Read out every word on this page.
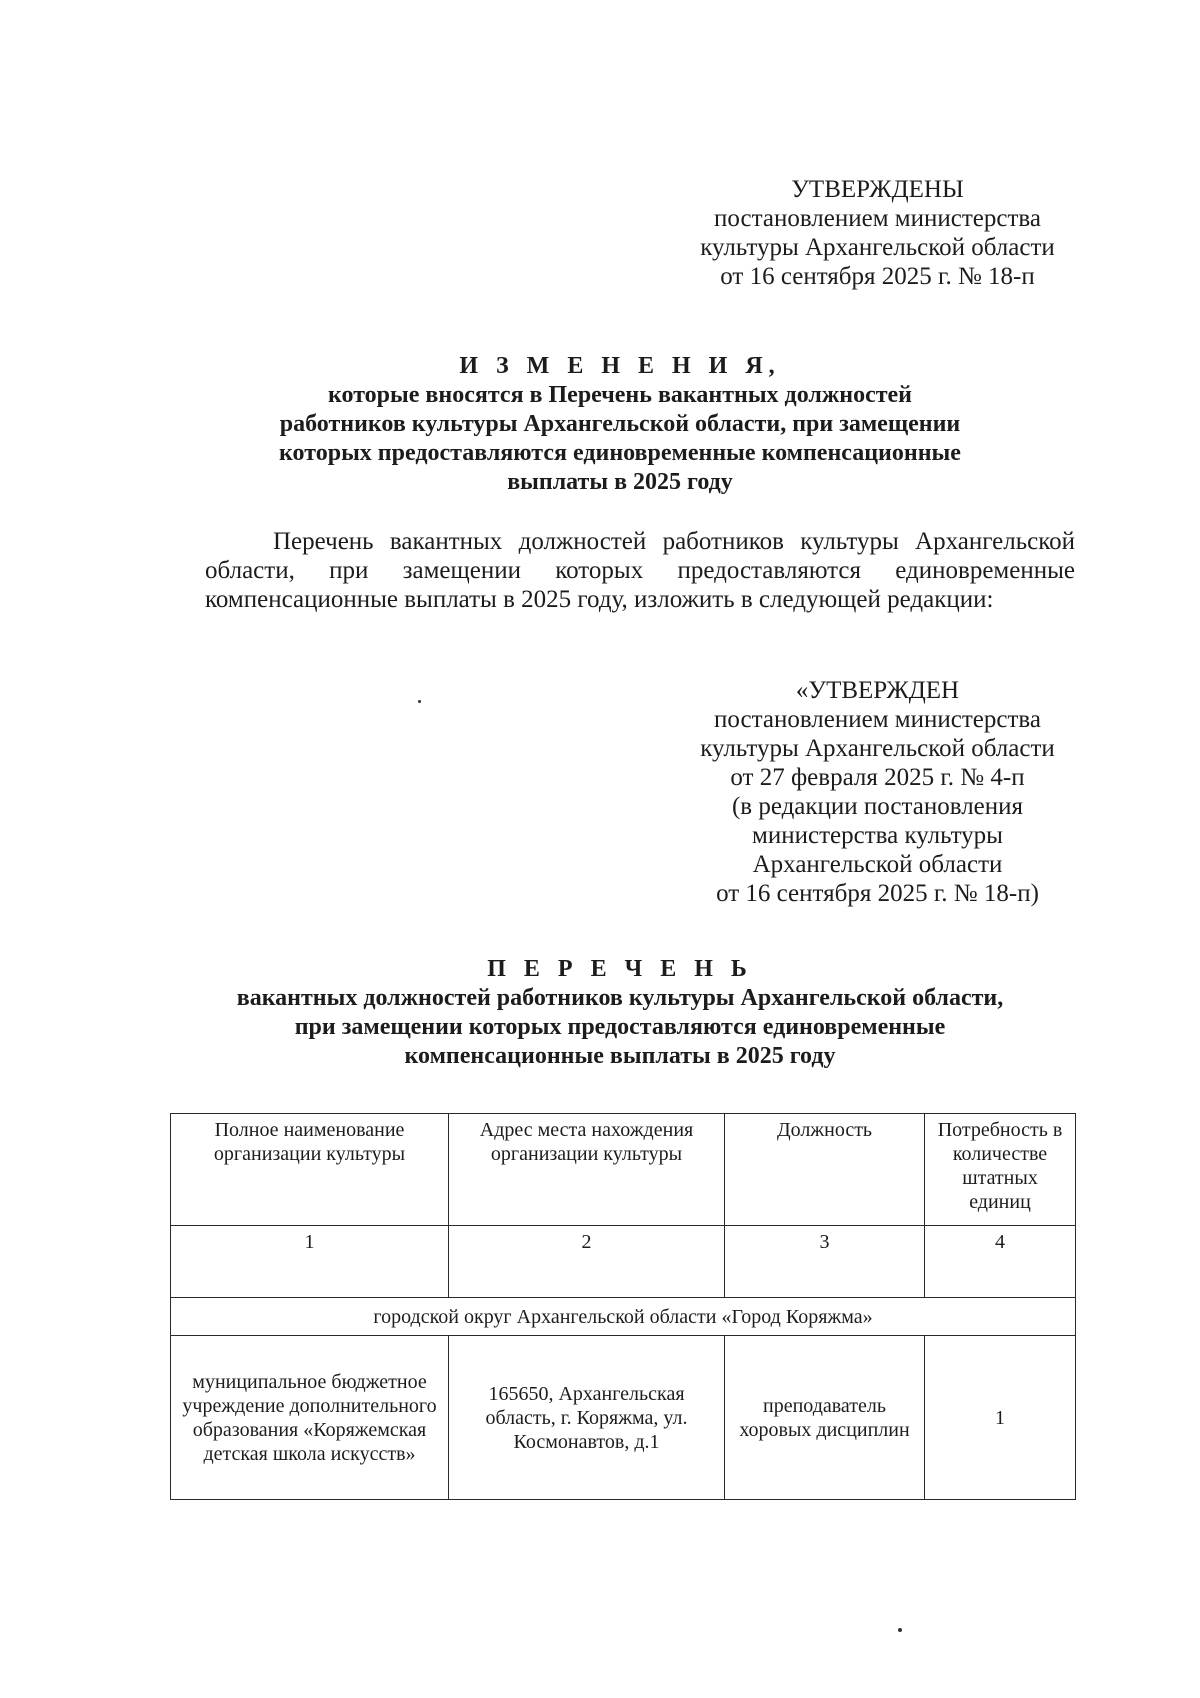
УТВЕРЖДЕНЫ
постановлением министерства
культуры Архангельской области
от 16 сентября 2025 г. № 18-п
И З М Е Н Е Н И Я,
которые вносятся в Перечень вакантных должностей
работников культуры Архангельской области, при замещении
которых предоставляются единовременные компенсационные
выплаты в 2025 году
Перечень вакантных должностей работников культуры Архангельской области, при замещении которых предоставляются единовременные компенсационные выплаты в 2025 году, изложить в следующей редакции:
«УТВЕРЖДЕН
постановлением министерства
культуры Архангельской области
от 27 февраля 2025 г. № 4-п
(в редакции постановления
министерства культуры
Архангельской области
от 16 сентября 2025 г. № 18-п)
П Е Р Е Ч Е Н Ь
вакантных должностей работников культуры Архангельской области,
при замещении которых предоставляются единовременные
компенсационные выплаты в 2025 году
Полное наименование организации культуры	Адрес места нахождения организации культуры	Должность	Потребность в количестве штатных единиц
1	2	3	4
городской округ Архангельской области «Город Коряжма»			
муниципальное бюджетное учреждение дополнительного образования «Коряжемская детская школа искусств»	165650, Архангельская область, г. Коряжма, ул. Космонавтов, д.1	преподаватель хоровых дисциплин	1
